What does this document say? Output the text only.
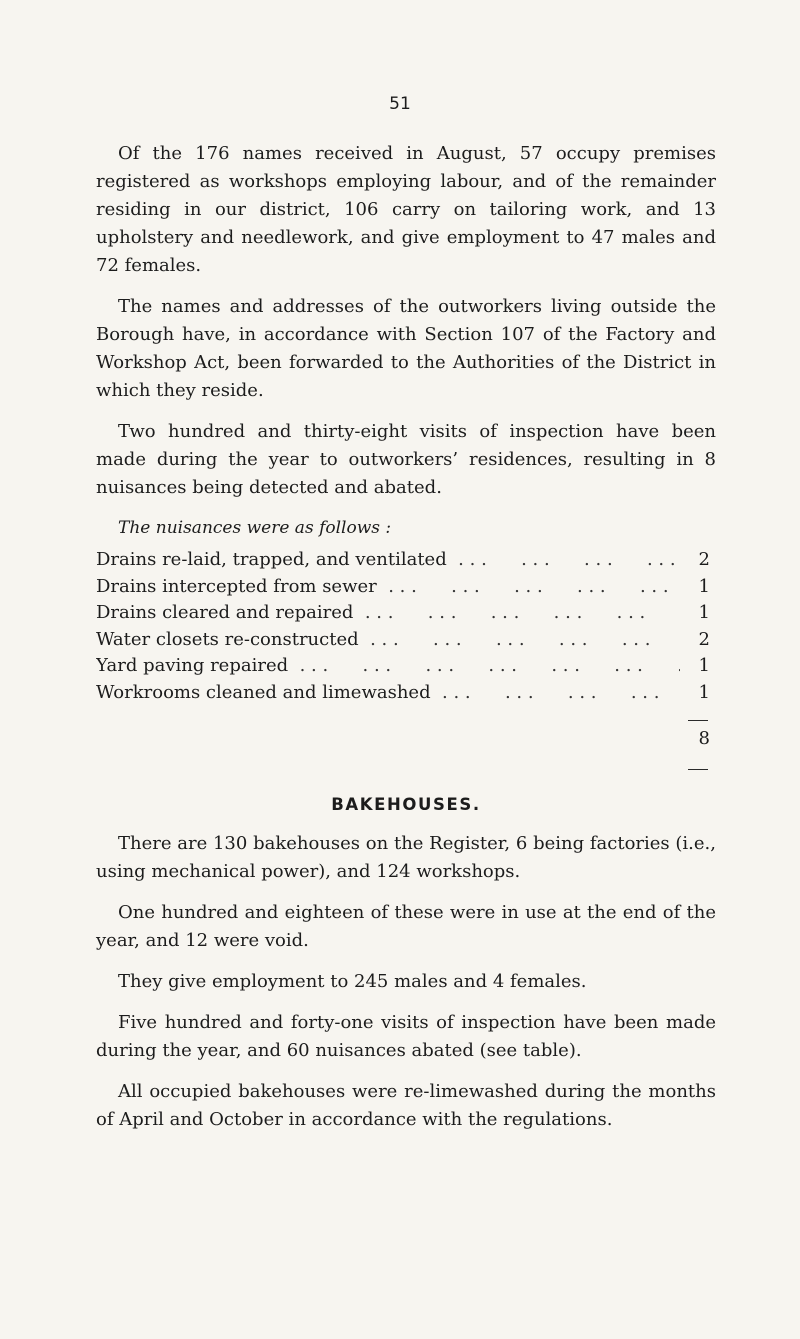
51

Of the 176 names received in August, 57 occupy premises registered as workshops employing labour, and of the remainder residing in our district, 106 carry on tailoring work, and 13 upholstery and needlework, and give employment to 47 males and 72 females.

The names and addresses of the outworkers living outside the Borough have, in accordance with Section 107 of the Factory and Workshop Act, been forwarded to the Authorities of the District in which they reside.

Two hundred and thirty-eight visits of inspection have been made during the year to outworkers’ residences, resulting in 8 nuisances being detected and abated.

The nuisances were as follows :
Drains re-laid, trapped, and ventilated . . .	2
Drains intercepted from sewer . . .	1
Drains cleared and repaired . . .	1
Water closets re-constructed . . .	2
Yard paving repaired . . .	1
Workrooms cleaned and limewashed . . .	1
8
BAKEHOUSES.

There are 130 bakehouses on the Register, 6 being factories (i.e., using mechanical power), and 124 workshops.

One hundred and eighteen of these were in use at the end of the year, and 12 were void.

They give employment to 245 males and 4 females.

Five hundred and forty-one visits of inspection have been made during the year, and 60 nuisances abated (see table).

All occupied bakehouses were re-limewashed during the months of April and October in accordance with the regulations.
